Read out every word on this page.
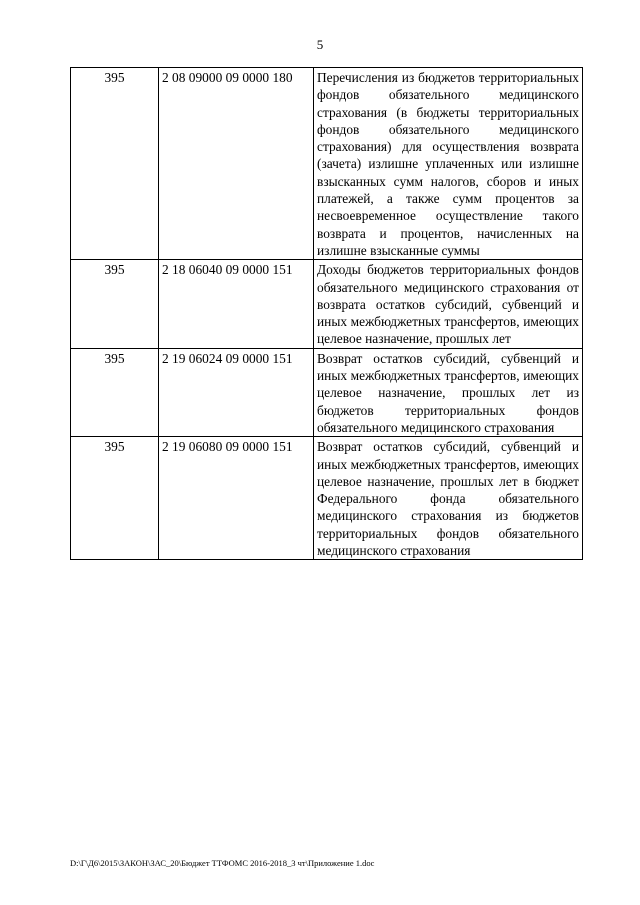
5
395	2 08 09000 09 0000 180	Перечисления из бюджетов территориальных фондов обязательного медицинского страхования (в бюджеты территориальных фондов обязательного медицинского страхования) для осуществления возврата (зачета) излишне уплаченных или излишне взысканных сумм налогов, сборов и иных платежей, а также сумм процентов за несвоевременное осуществление такого возврата и процентов, начисленных на излишне взысканные суммы
395	2 18 06040 09 0000 151	Доходы бюджетов территориальных фондов обязательного медицинского страхования от возврата остатков субсидий, субвенций и иных межбюджетных трансфертов, имеющих целевое назначение, прошлых лет
395	2 19 06024 09 0000 151	Возврат остатков субсидий, субвенций и иных межбюджетных трансфертов, имеющих целевое назначение, прошлых лет из бюджетов территориальных фондов обязательного медицинского страхования
395	2 19 06080 09 0000 151	Возврат остатков субсидий, субвенций и иных межбюджетных трансфертов, имеющих целевое назначение, прошлых лет в бюджет Федерального фонда обязательного медицинского страхования из бюджетов территориальных фондов обязательного медицинского страхования
D:\Г\Д6\2015\ЗАКОН\ЗАС_20\Бюджет ТТФОМС 2016-2018_3 чт\Приложение 1.doc
